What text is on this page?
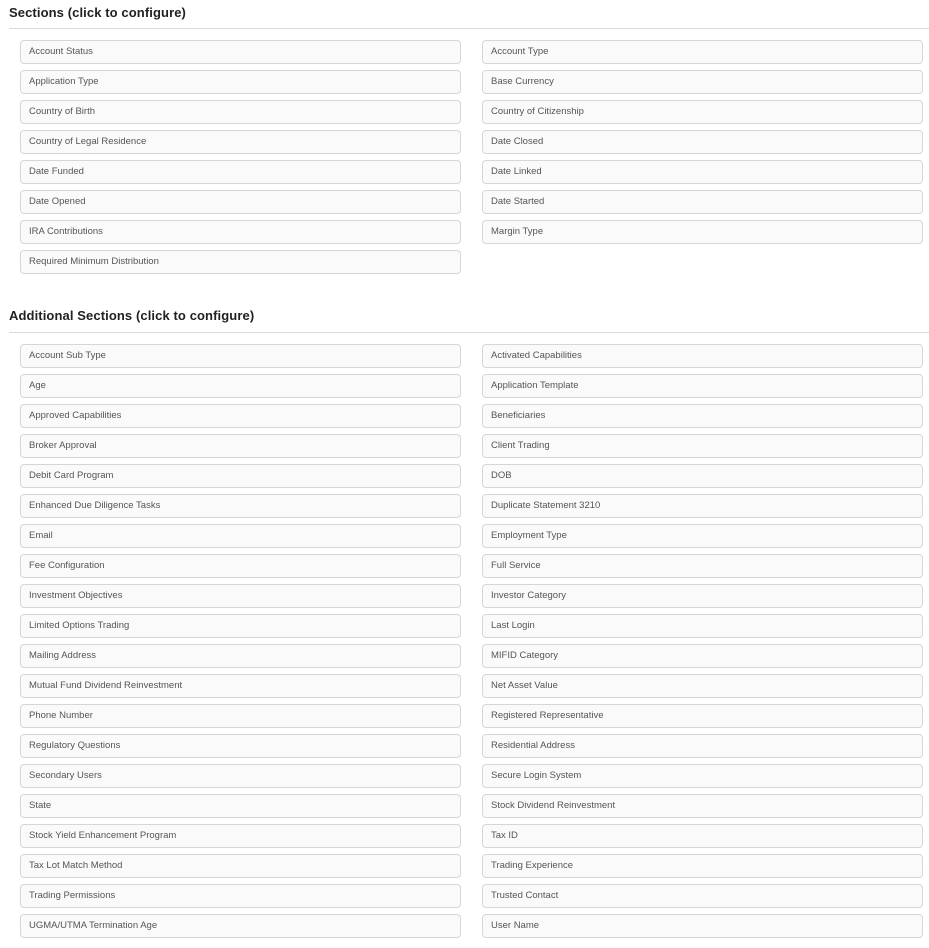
Sections (click to configure)
Account Status	Account Type
Application Type	Base Currency
Country of Birth	Country of Citizenship
Country of Legal Residence	Date Closed
Date Funded	Date Linked
Date Opened	Date Started
IRA Contributions	Margin Type
Required Minimum Distribution
Additional Sections (click to configure)
Account Sub Type	Activated Capabilities
Age	Application Template
Approved Capabilities	Beneficiaries
Broker Approval	Client Trading
Debit Card Program	DOB
Enhanced Due Diligence Tasks	Duplicate Statement 3210
Email	Employment Type
Fee Configuration	Full Service
Investment Objectives	Investor Category
Limited Options Trading	Last Login
Mailing Address	MIFID Category
Mutual Fund Dividend Reinvestment	Net Asset Value
Phone Number	Registered Representative
Regulatory Questions	Residential Address
Secondary Users	Secure Login System
State	Stock Dividend Reinvestment
Stock Yield Enhancement Program	Tax ID
Tax Lot Match Method	Trading Experience
Trading Permissions	Trusted Contact
UGMA/UTMA Termination Age	User Name
